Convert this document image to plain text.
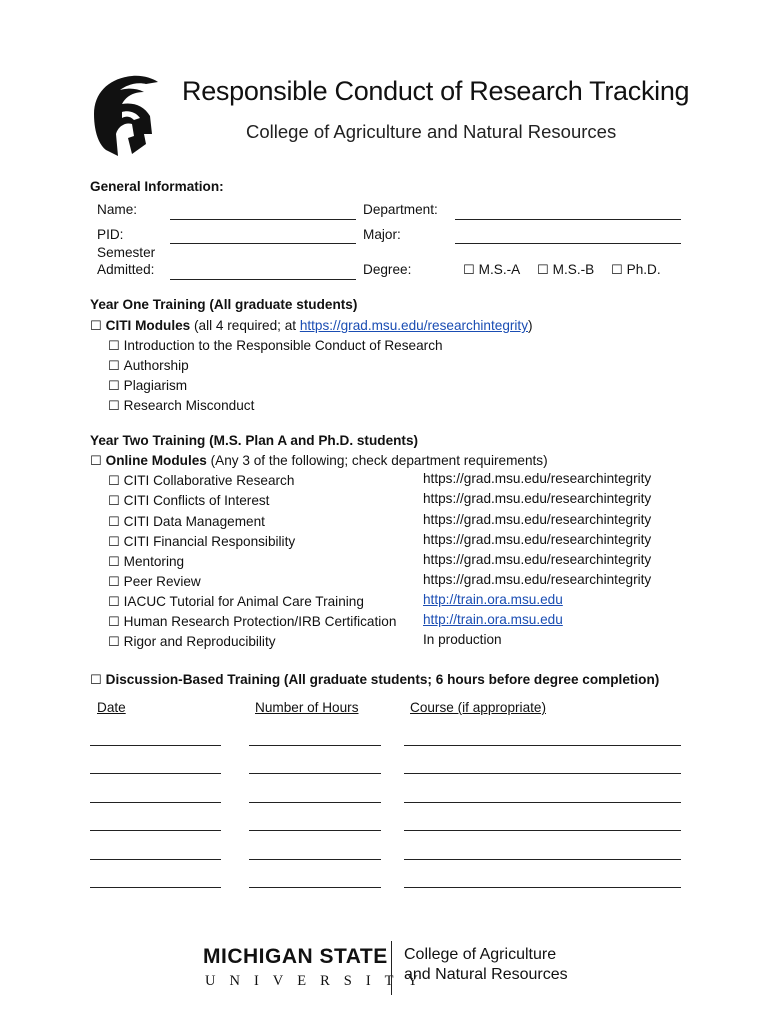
Responsible Conduct of Research Tracking
College of Agriculture and Natural Resources
General Information:
Name:	Department:
PID:	Major:
Semester
Admitted:	Degree:	☐ M.S.-A ☐ M.S.-B ☐ Ph.D.
Year One Training (All graduate students)
☐ CITI Modules (all 4 required; at https://grad.msu.edu/researchintegrity)
☐ Introduction to the Responsible Conduct of Research
☐ Authorship
☐ Plagiarism
☐ Research Misconduct
Year Two Training (M.S. Plan A and Ph.D. students)
☐ Online Modules (Any 3 of the following; check department requirements)
☐ CITI Collaborative Research	https://grad.msu.edu/researchintegrity
☐ CITI Conflicts of Interest	https://grad.msu.edu/researchintegrity
☐ CITI Data Management	https://grad.msu.edu/researchintegrity
☐ CITI Financial Responsibility	https://grad.msu.edu/researchintegrity
☐ Mentoring	https://grad.msu.edu/researchintegrity
☐ Peer Review	https://grad.msu.edu/researchintegrity
☐ IACUC Tutorial for Animal Care Training	http://train.ora.msu.edu
☐ Human Research Protection/IRB Certification http://train.ora.msu.edu
☐ Rigor and Reproducibility	In production
☐ Discussion-Based Training (All graduate students; 6 hours before degree completion)
Date	Number of Hours	Course (if appropriate)
MICHIGAN STATE
UNIVERSITY
College of Agriculture
and Natural Resources
